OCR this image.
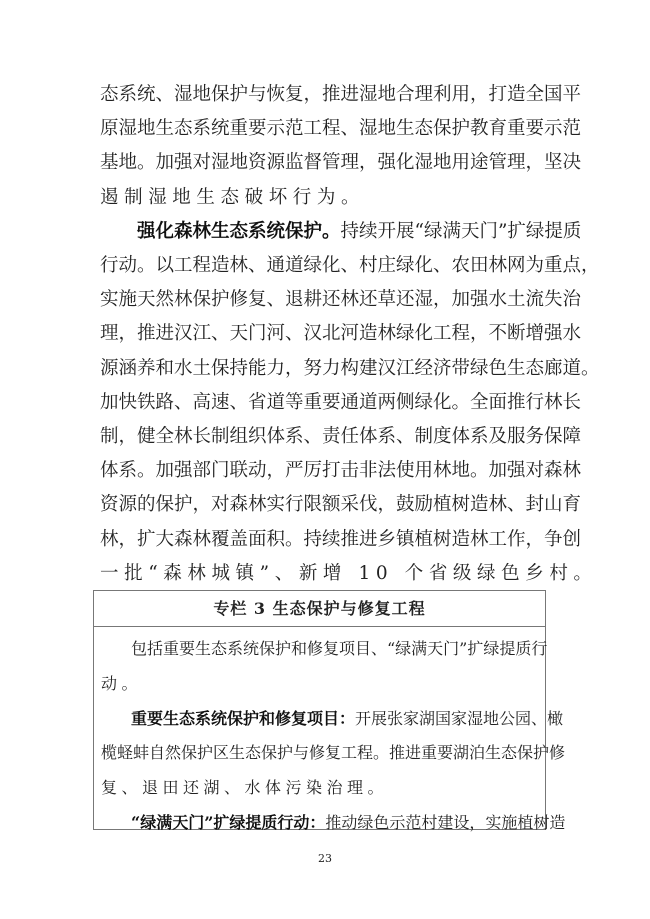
态系统、湿地保护与恢复，推进湿地合理利用，打造全国平
原湿地生态系统重要示范工程、湿地生态保护教育重要示范
基地。加强对湿地资源监督管理，强化湿地用途管理，坚决
遏制湿地生态破坏行为。
强化森林生态系统保护。持续开展“绿满天门”扩绿提质
行动。以工程造林、通道绿化、村庄绿化、农田林网为重点，
实施天然林保护修复、退耕还林还草还湿，加强水土流失治
理，推进汉江、天门河、汉北河造林绿化工程，不断增强水
源涵养和水土保持能力，努力构建汉江经济带绿色生态廊道。
加快铁路、高速、省道等重要通道两侧绿化。全面推行林长
制，健全林长制组织体系、责任体系、制度体系及服务保障
体系。加强部门联动，严厉打击非法使用林地。加强对森林
资源的保护，对森林实行限额采伐，鼓励植树造林、封山育
林，扩大森林覆盖面积。持续推进乡镇植树造林工作，争创
一批“森林城镇”、新增 10 个省级绿色乡村。
专栏 3 生态保护与修复工程
包括重要生态系统保护和修复项目、“绿满天门”扩绿提质行
动。
重要生态系统保护和修复项目：开展张家湖国家湿地公园、橄
榄蛏蚌自然保护区生态保护与修复工程。推进重要湖泊生态保护修
复、退田还湖、水体污染治理。
“绿满天门”扩绿提质行动：推动绿色示范村建设，实施植树造
23
